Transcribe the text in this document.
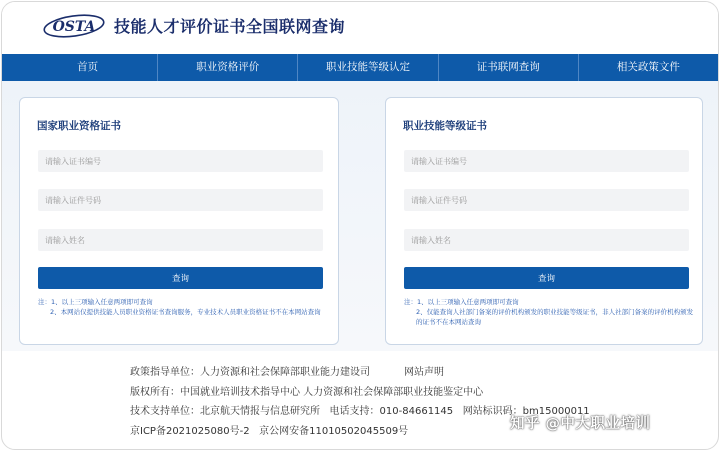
OSTA 技能人才评价证书全国联网查询
首页	职业资格评价	职业技能等级认定	证书联网查询	相关政策文件
国家职业资格证书
请输入证书编号
请输入证件号码
请输入姓名
查询
注：1、以上三项输入任意两项即可查询
2、本网站仅提供技能人员职业资格证书查询服务，专业技术人员职业资格证书不在本网站查询
职业技能等级证书
请输入证书编号
请输入证件号码
请输入姓名
查询
注：1、以上三项输入任意两项即可查询
2、仅能查询人社部门备案的评价机构颁发的职业技能等级证书，非人社部门备案的评价机构颁发的证书不在本网站查询
政策指导单位：人力资源和社会保障部职业能力建设司	网站声明
版权所有：中国就业培训技术指导中心 人力资源和社会保障部职业技能鉴定中心
技术支持单位：北京航天情报与信息研究所 电话支持：010-84661145 网站标识码：bm15000011
京ICP备2021025080号-2 京公网安备11010502045509号	知乎 @中大职业培训
